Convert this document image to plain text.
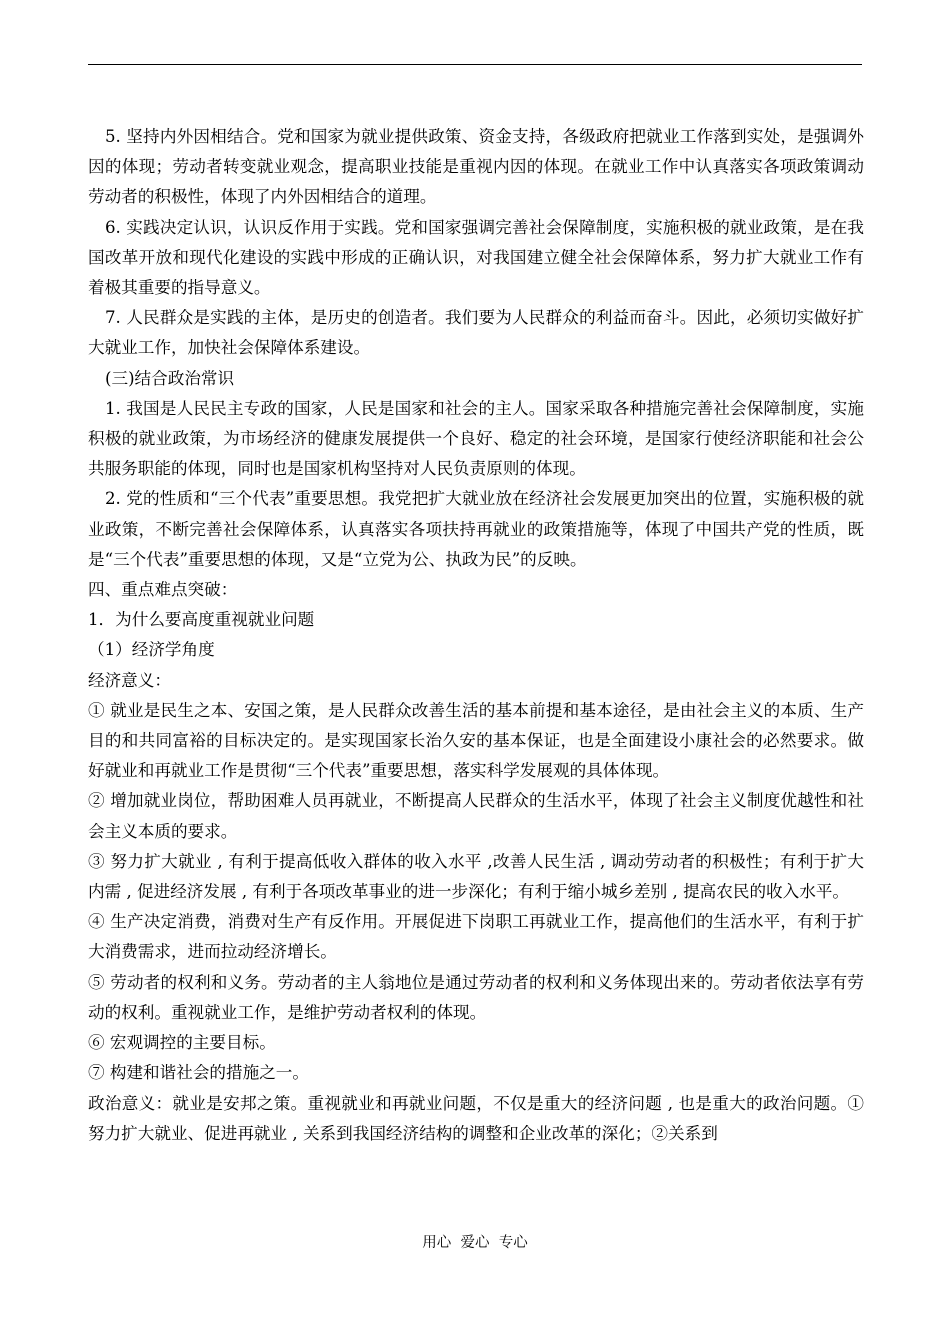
5. 坚持内外因相结合。党和国家为就业提供政策、资金支持，各级政府把就业工作落到实处，是强调外因的体现；劳动者转变就业观念，提高职业技能是重视内因的体现。在就业工作中认真落实各项政策调动劳动者的积极性，体现了内外因相结合的道理。

6. 实践决定认识，认识反作用于实践。党和国家强调完善社会保障制度，实施积极的就业政策，是在我国改革开放和现代化建设的实践中形成的正确认识，对我国建立健全社会保障体系，努力扩大就业工作有着极其重要的指导意义。

7. 人民群众是实践的主体，是历史的创造者。我们要为人民群众的利益而奋斗。因此，必须切实做好扩大就业工作，加快社会保障体系建设。

(三)结合政治常识

1. 我国是人民民主专政的国家，人民是国家和社会的主人。国家采取各种措施完善社会保障制度，实施积极的就业政策，为市场经济的健康发展提供一个良好、稳定的社会环境，是国家行使经济职能和社会公共服务职能的体现，同时也是国家机构坚持对人民负责原则的体现。

2. 党的性质和“三个代表”重要思想。我党把扩大就业放在经济社会发展更加突出的位置，实施积极的就业政策，不断完善社会保障体系，认真落实各项扶持再就业的政策措施等，体现了中国共产党的性质，既是“三个代表”重要思想的体现，又是“立党为公、执政为民”的反映。

四、重点难点突破：

1．为什么要高度重视就业问题

（1）经济学角度

经济意义：

① 就业是民生之本、安国之策，是人民群众改善生活的基本前提和基本途径，是由社会主义的本质、生产目的和共同富裕的目标决定的。是实现国家长治久安的基本保证，也是全面建设小康社会的必然要求。做好就业和再就业工作是贯彻“三个代表”重要思想，落实科学发展观的具体体现。

② 增加就业岗位，帮助困难人员再就业，不断提高人民群众的生活水平，体现了社会主义制度优越性和社会主义本质的要求。

③ 努力扩大就业 , 有利于提高低收入群体的收入水平 ,改善人民生活 , 调动劳动者的积极性；有利于扩大内需 , 促进经济发展 , 有利于各项改革事业的进一步深化；有利于缩小城乡差别 , 提高农民的收入水平。

④ 生产决定消费，消费对生产有反作用。开展促进下岗职工再就业工作，提高他们的生活水平，有利于扩大消费需求，进而拉动经济增长。

⑤ 劳动者的权利和义务。劳动者的主人翁地位是通过劳动者的权利和义务体现出来的。劳动者依法享有劳动的权利。重视就业工作，是维护劳动者权利的体现。

⑥ 宏观调控的主要目标。

⑦ 构建和谐社会的措施之一。

政治意义：就业是安邦之策。重视就业和再就业问题，不仅是重大的经济问题 , 也是重大的政治问题。①努力扩大就业、促进再就业 , 关系到我国经济结构的调整和企业改革的深化；②关系到

用心  爱心  专心
